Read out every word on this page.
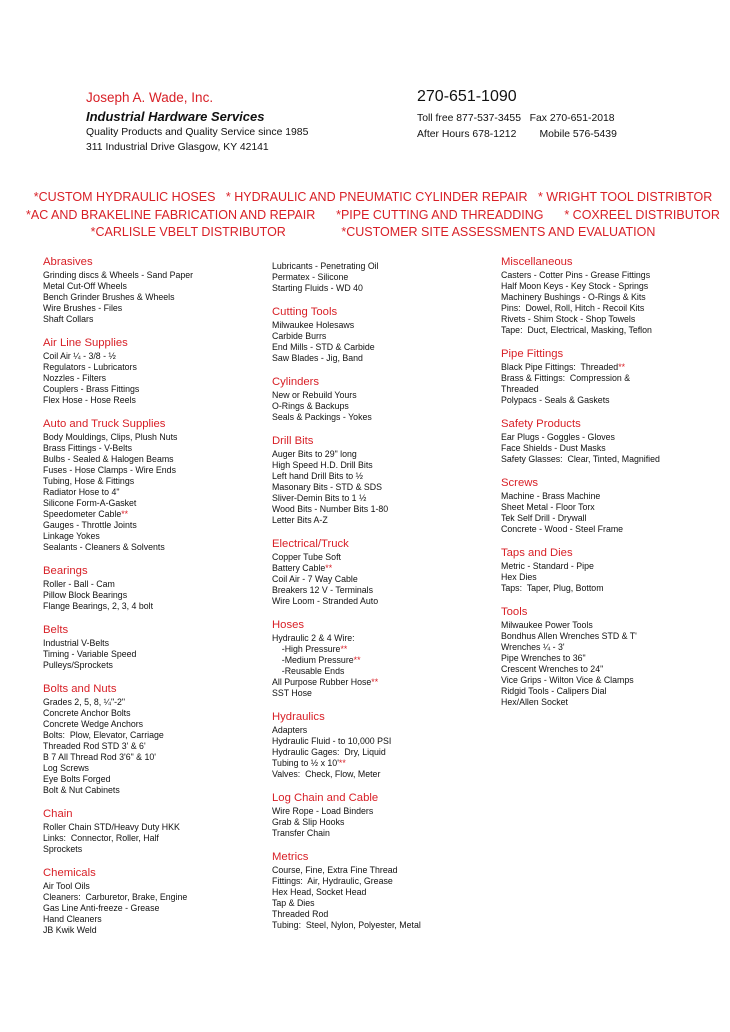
Joseph A. Wade, Inc.
Industrial Hardware Services
Quality Products and Quality Service since 1985
311 Industrial Drive Glasgow, KY 42141
270-651-1090
Toll free 877-537-3455   Fax 270-651-2018
After Hours 678-1212        Mobile 576-5439
*CUSTOM HYDRAULIC HOSES   * HYDRAULIC AND PNEUMATIC CYLINDER REPAIR   * WRIGHT TOOL DISTRIBTOR
*AC AND BRAKELINE FABRICATION AND REPAIR      *PIPE CUTTING AND THREADDING      * COXREEL DISTRIBUTOR
*CARLISLE VBELT DISTRIBUTOR                *CUSTOMER SITE ASSESSMENTS AND EVALUATION
Abrasives
Grinding discs & Wheels - Sand Paper
Metal Cut-Off Wheels
Bench Grinder Brushes & Wheels
Wire Brushes - Files
Shaft Collars
Air Line Supplies
Coil Air ¼ - 3/8 - ½
Regulators - Lubricators
Nozzles - Filters
Couplers - Brass Fittings
Flex Hose - Hose Reels
Auto and Truck Supplies
Body Mouldings, Clips, Plush Nuts
Brass Fittings - V-Belts
Bulbs - Sealed & Halogen Beams
Fuses - Hose Clamps - Wire Ends
Tubing, Hose & Fittings
Radiator Hose to 4"
Silicone Form-A-Gasket
Speedometer Cable**
Gauges - Throttle Joints
Linkage Yokes
Sealants - Cleaners & Solvents
Bearings
Roller - Ball - Cam
Pillow Block Bearings
Flange Bearings, 2, 3, 4 bolt
Belts
Industrial V-Belts
Timing - Variable Speed
Pulleys/Sprockets
Bolts and Nuts
Grades 2, 5, 8, ¼"-2"
Concrete Anchor Bolts
Concrete Wedge Anchors
Bolts:  Plow, Elevator, Carriage
Threaded Rod STD 3' & 6'
B 7 All Thread Rod 3'6" & 10'
Log Screws
Eye Bolts Forged
Bolt & Nut Cabinets
Chain
Roller Chain STD/Heavy Duty HKK
Links:  Connector, Roller, Half
Sprockets
Chemicals
Air Tool Oils
Cleaners:  Carburetor, Brake, Engine
Gas Line Anti-freeze - Grease
Hand Cleaners
JB Kwik Weld
Lubricants - Penetrating Oil
Permatex - Silicone
Starting Fluids - WD 40
Cutting Tools
Milwaukee Holesaws
Carbide Burrs
End Mills - STD & Carbide
Saw Blades - Jig, Band
Cylinders
New or Rebuild Yours
O-Rings & Backups
Seals & Packings - Yokes
Drill Bits
Auger Bits to 29" long
High Speed H.D. Drill Bits
Left hand Drill Bits to ½
Masonary Bits - STD & SDS
Sliver-Demin Bits to 1 ½
Wood Bits - Number Bits 1-80
Letter Bits A-Z
Electrical/Truck
Copper Tube Soft
Battery Cable**
Coil Air - 7 Way Cable
Breakers 12 V - Terminals
Wire Loom - Stranded Auto
Hoses
Hydraulic 2 & 4 Wire:
-High Pressure**
-Medium Pressure**
-Reusable Ends
All Purpose Rubber Hose**
SST Hose
Hydraulics
Adapters
Hydraulic Fluid - to 10,000 PSI
Hydraulic Gages:  Dry, Liquid
Tubing to ½ x 10'**
Valves:  Check, Flow, Meter
Log Chain and Cable
Wire Rope - Load Binders
Grab & Slip Hooks
Transfer Chain
Metrics
Course, Fine, Extra Fine Thread
Fittings:  Air, Hydraulic, Grease
Hex Head, Socket Head
Tap & Dies
Threaded Rod
Tubing:  Steel, Nylon, Polyester, Metal
Miscellaneous
Casters - Cotter Pins - Grease Fittings
Half Moon Keys - Key Stock - Springs
Machinery Bushings - O-Rings & Kits
Pins:  Dowel, Roll, Hitch - Recoil Kits
Rivets - Shim Stock - Shop Towels
Tape:  Duct, Electrical, Masking, Teflon
Pipe Fittings
Black Pipe Fittings:  Threaded**
Brass & Fittings:  Compression &
Threaded
Polypacs - Seals & Gaskets
Safety Products
Ear Plugs - Goggles - Gloves
Face Shields - Dust Masks
Safety Glasses:  Clear, Tinted, Magnified
Screws
Machine - Brass Machine
Sheet Metal - Floor Torx
Tek Self Drill - Drywall
Concrete - Wood - Steel Frame
Taps and Dies
Metric - Standard - Pipe
Hex Dies
Taps:  Taper, Plug, Bottom
Tools
Milwaukee Power Tools
Bondhus Allen Wrenches STD & T'
Wrenches ¼ - 3'
Pipe Wrenches to 36"
Crescent Wrenches to 24"
Vice Grips - Wilton Vice & Clamps
Ridgid Tools - Calipers Dial
Hex/Allen Socket
